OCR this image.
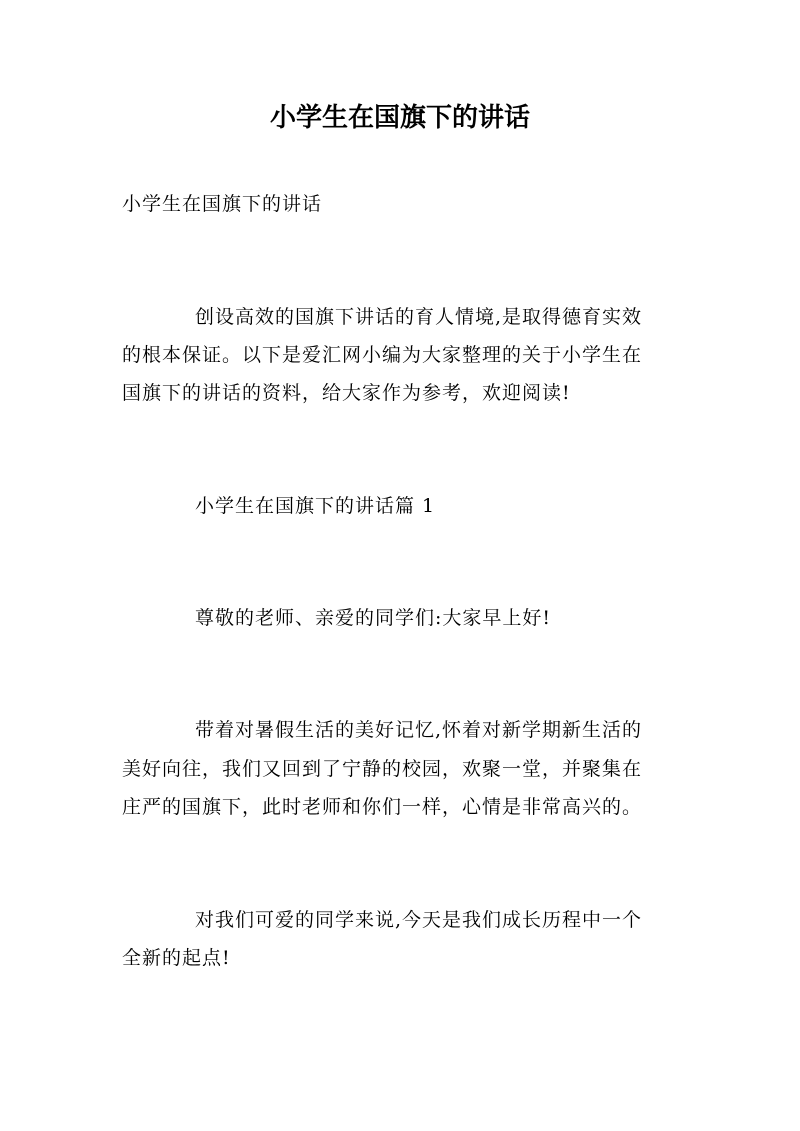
小学生在国旗下的讲话

小学生在国旗下的讲话

创设高效的国旗下讲话的育人情境,是取得德育实效

的根本保证。以下是爱汇网小编为大家整理的关于小学生在

国旗下的讲话的资料，给大家作为参考，欢迎阅读!

小学生在国旗下的讲话篇 1

尊敬的老师、亲爱的同学们:大家早上好!

带着对暑假生活的美好记忆,怀着对新学期新生活的

美好向往，我们又回到了宁静的校园，欢聚一堂，并聚集在

庄严的国旗下，此时老师和你们一样，心情是非常高兴的。

对我们可爱的同学来说,今天是我们成长历程中一个

全新的起点!
